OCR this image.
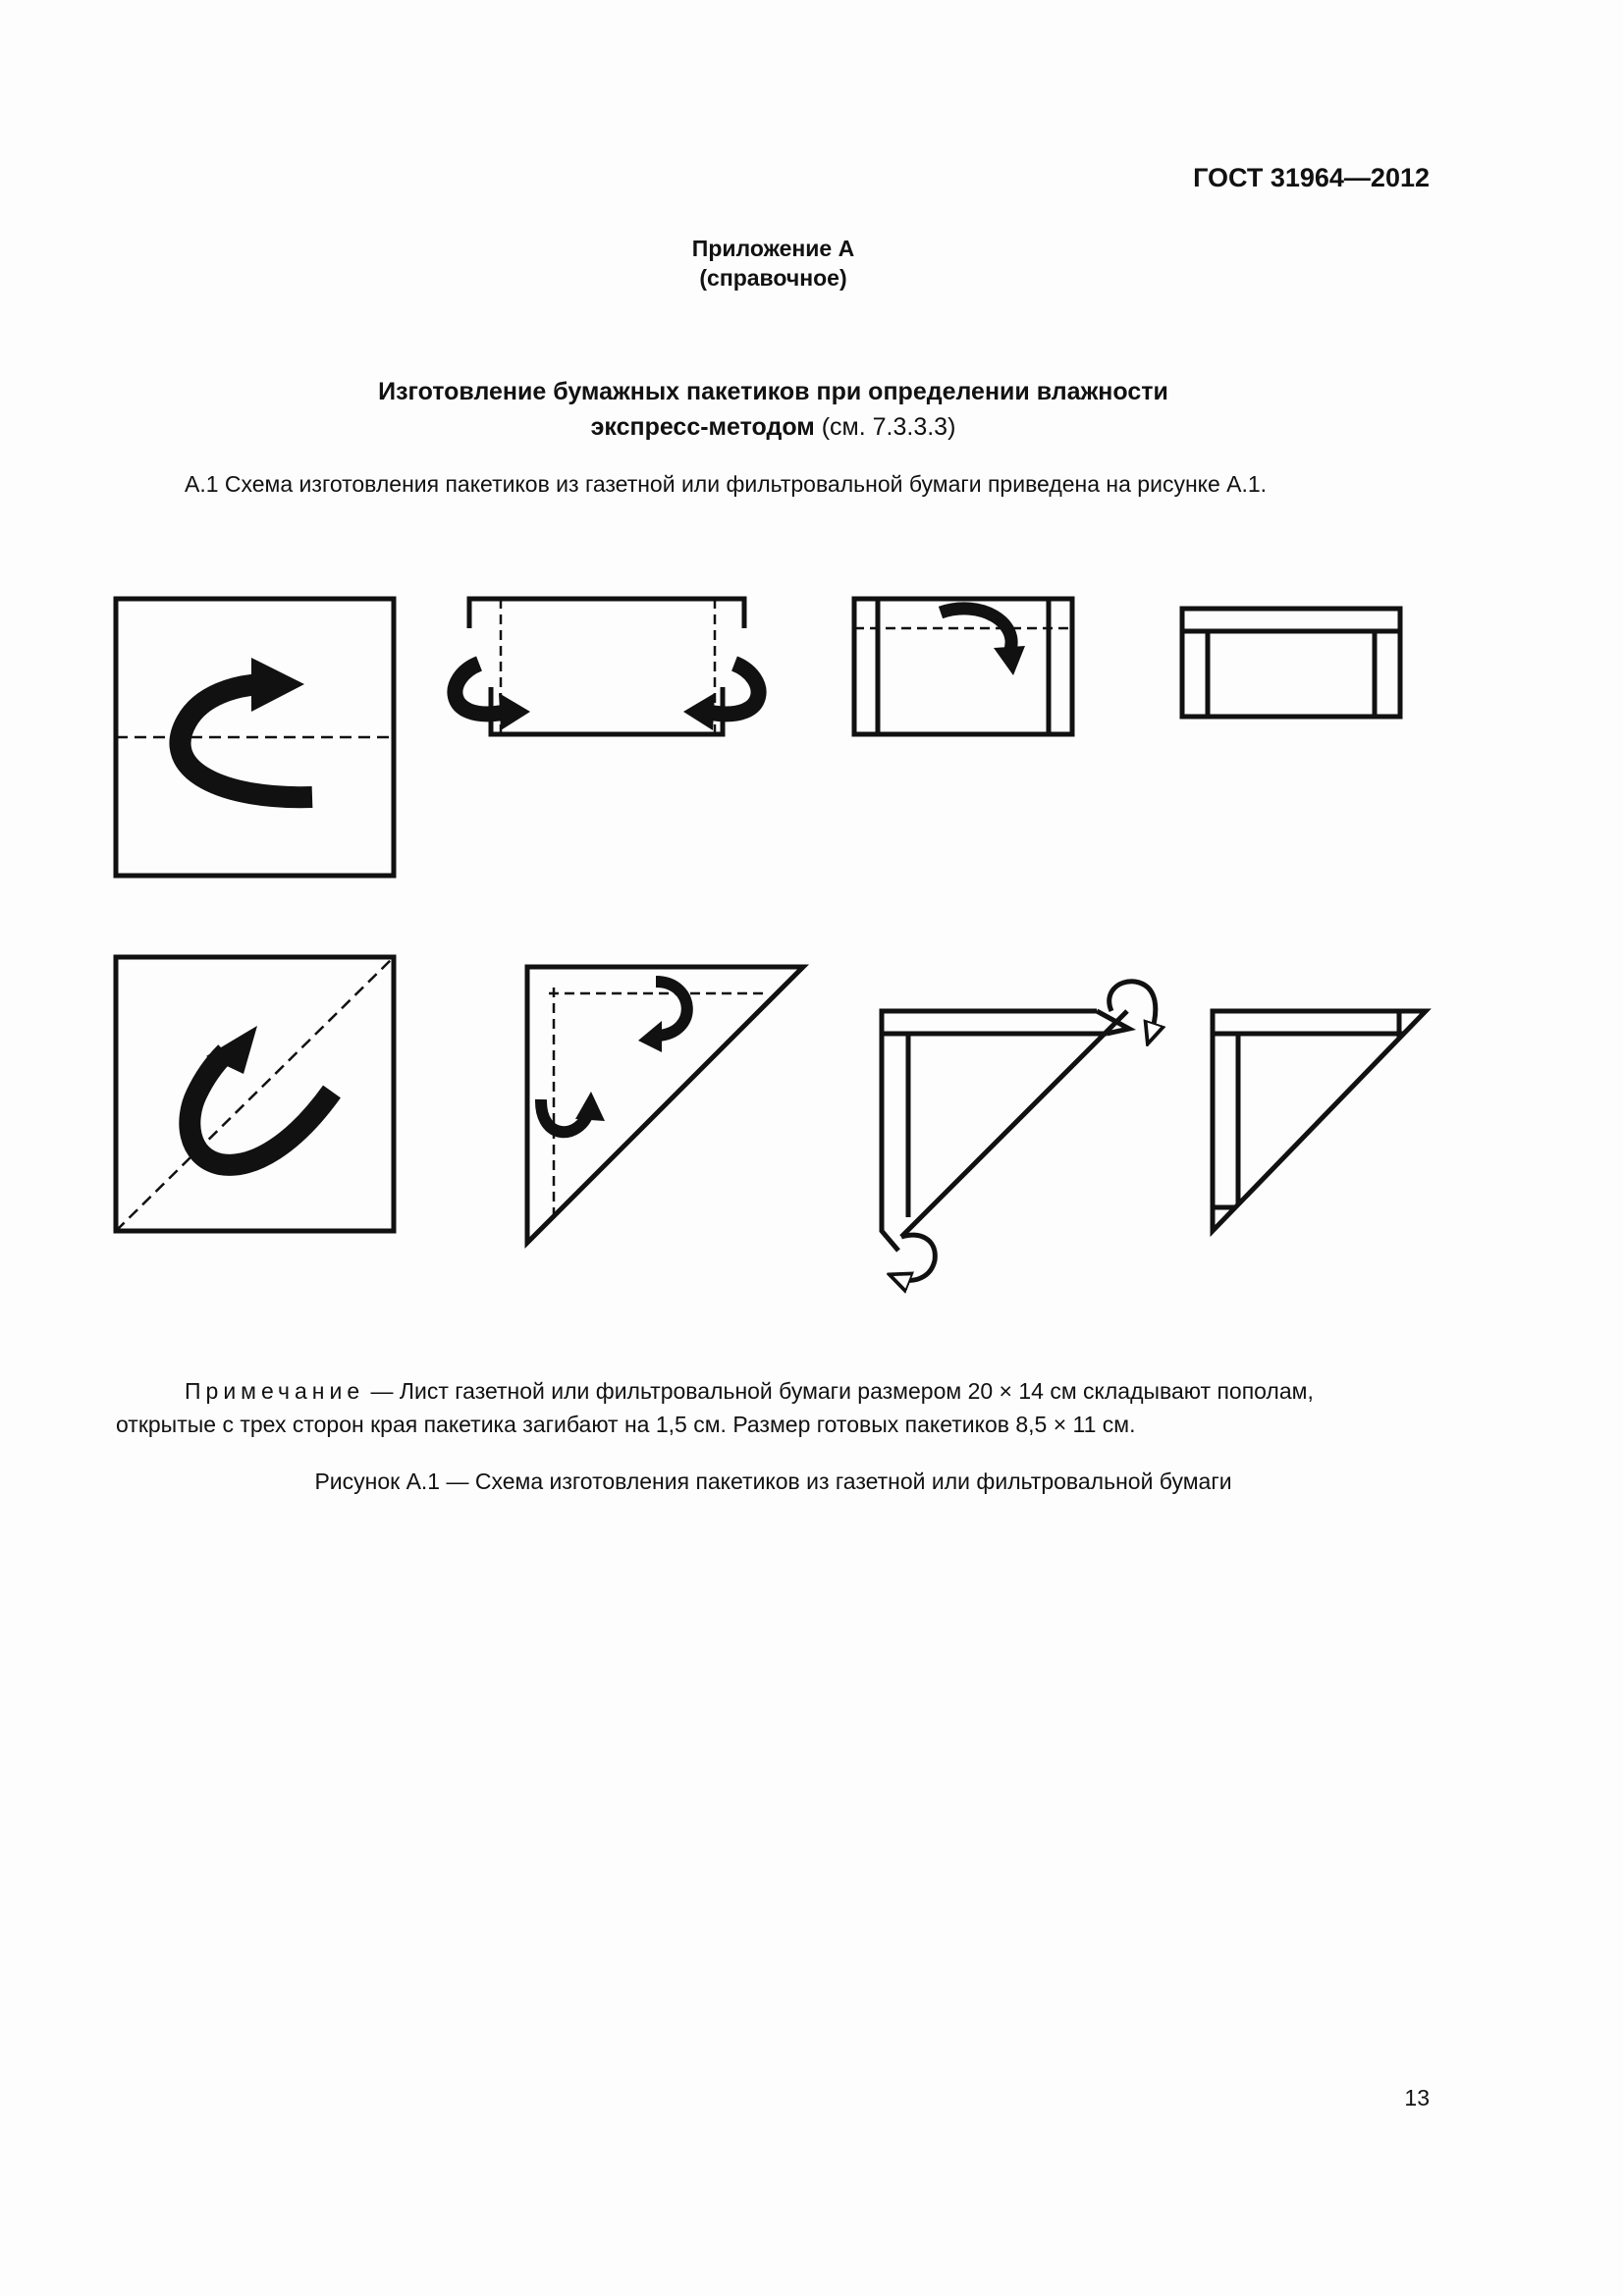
ГОСТ 31964—2012
Приложение А
(справочное)
Изготовление бумажных пакетиков при определении влажности
экспресс-методом (см. 7.3.3.3)

А.1 Схема изготовления пакетиков из газетной или фильтровальной бумаги приведена на рисунке А.1.

Примечание — Лист газетной или фильтровальной бумаги размером 20 × 14 см складывают пополам,
открытые с трех сторон края пакетика загибают на 1,5 см. Размер готовых пакетиков 8,5 × 11 см.
Рисунок А.1 — Схема изготовления пакетиков из газетной или фильтровальной бумаги
13
